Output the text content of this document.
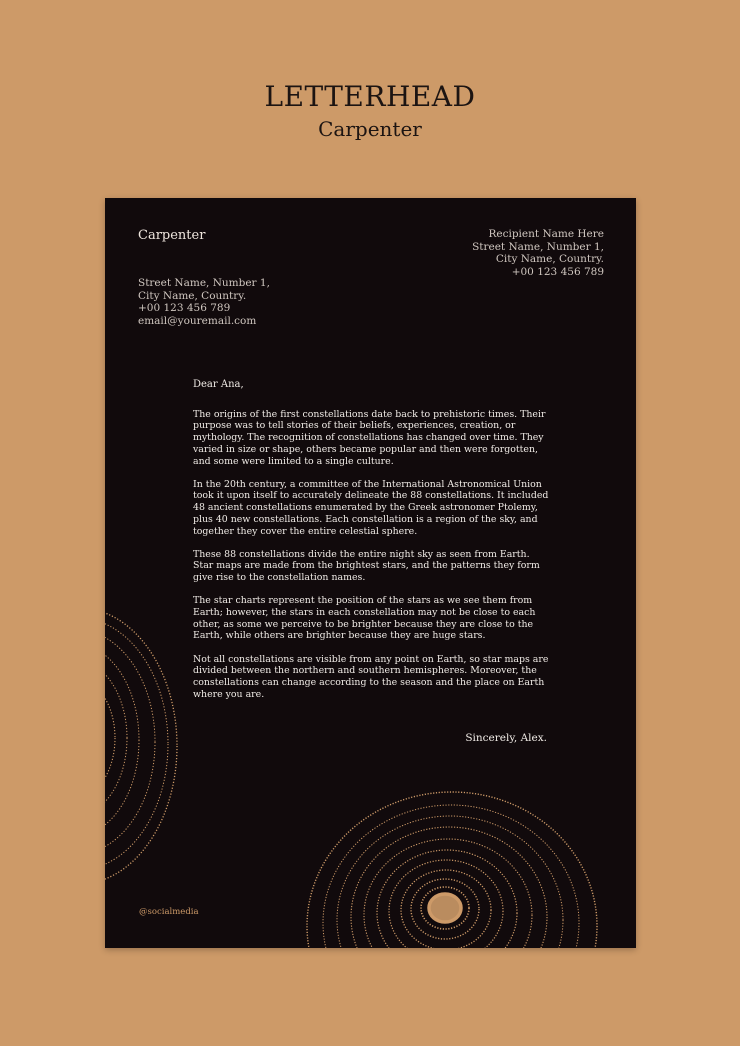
LETTERHEAD
Carpenter
Carpenter	Recipient Name Here
Street Name, Number 1,
City Name, Country.
+00 123 456 789
Street Name, Number 1,
City Name, Country.
+00 123 456 789
email@youremail.com
Dear Ana,

The origins of the first constellations date back to prehistoric times. Their purpose was to tell stories of their beliefs, experiences, creation, or mythology. The recognition of constellations has changed over time. They varied in size or shape, others became popular and then were forgotten, and some were limited to a single culture.

In the 20th century, a committee of the International Astronomical Union took it upon itself to accurately delineate the 88 constellations. It included 48 ancient constellations enumerated by the Greek astronomer Ptolemy, plus 40 new constellations. Each constellation is a region of the sky, and together they cover the entire celestial sphere.

These 88 constellations divide the entire night sky as seen from Earth. Star maps are made from the brightest stars, and the patterns they form give rise to the constellation names.

The star charts represent the position of the stars as we see them from Earth; however, the stars in each constellation may not be close to each other, as some we perceive to be brighter because they are close to the Earth, while others are brighter because they are huge stars.

Not all constellations are visible from any point on Earth, so star maps are divided between the northern and southern hemispheres. Moreover, the constellations can change according to the season and the place on Earth where you are.

Sincerely, Alex.
@socialmedia
